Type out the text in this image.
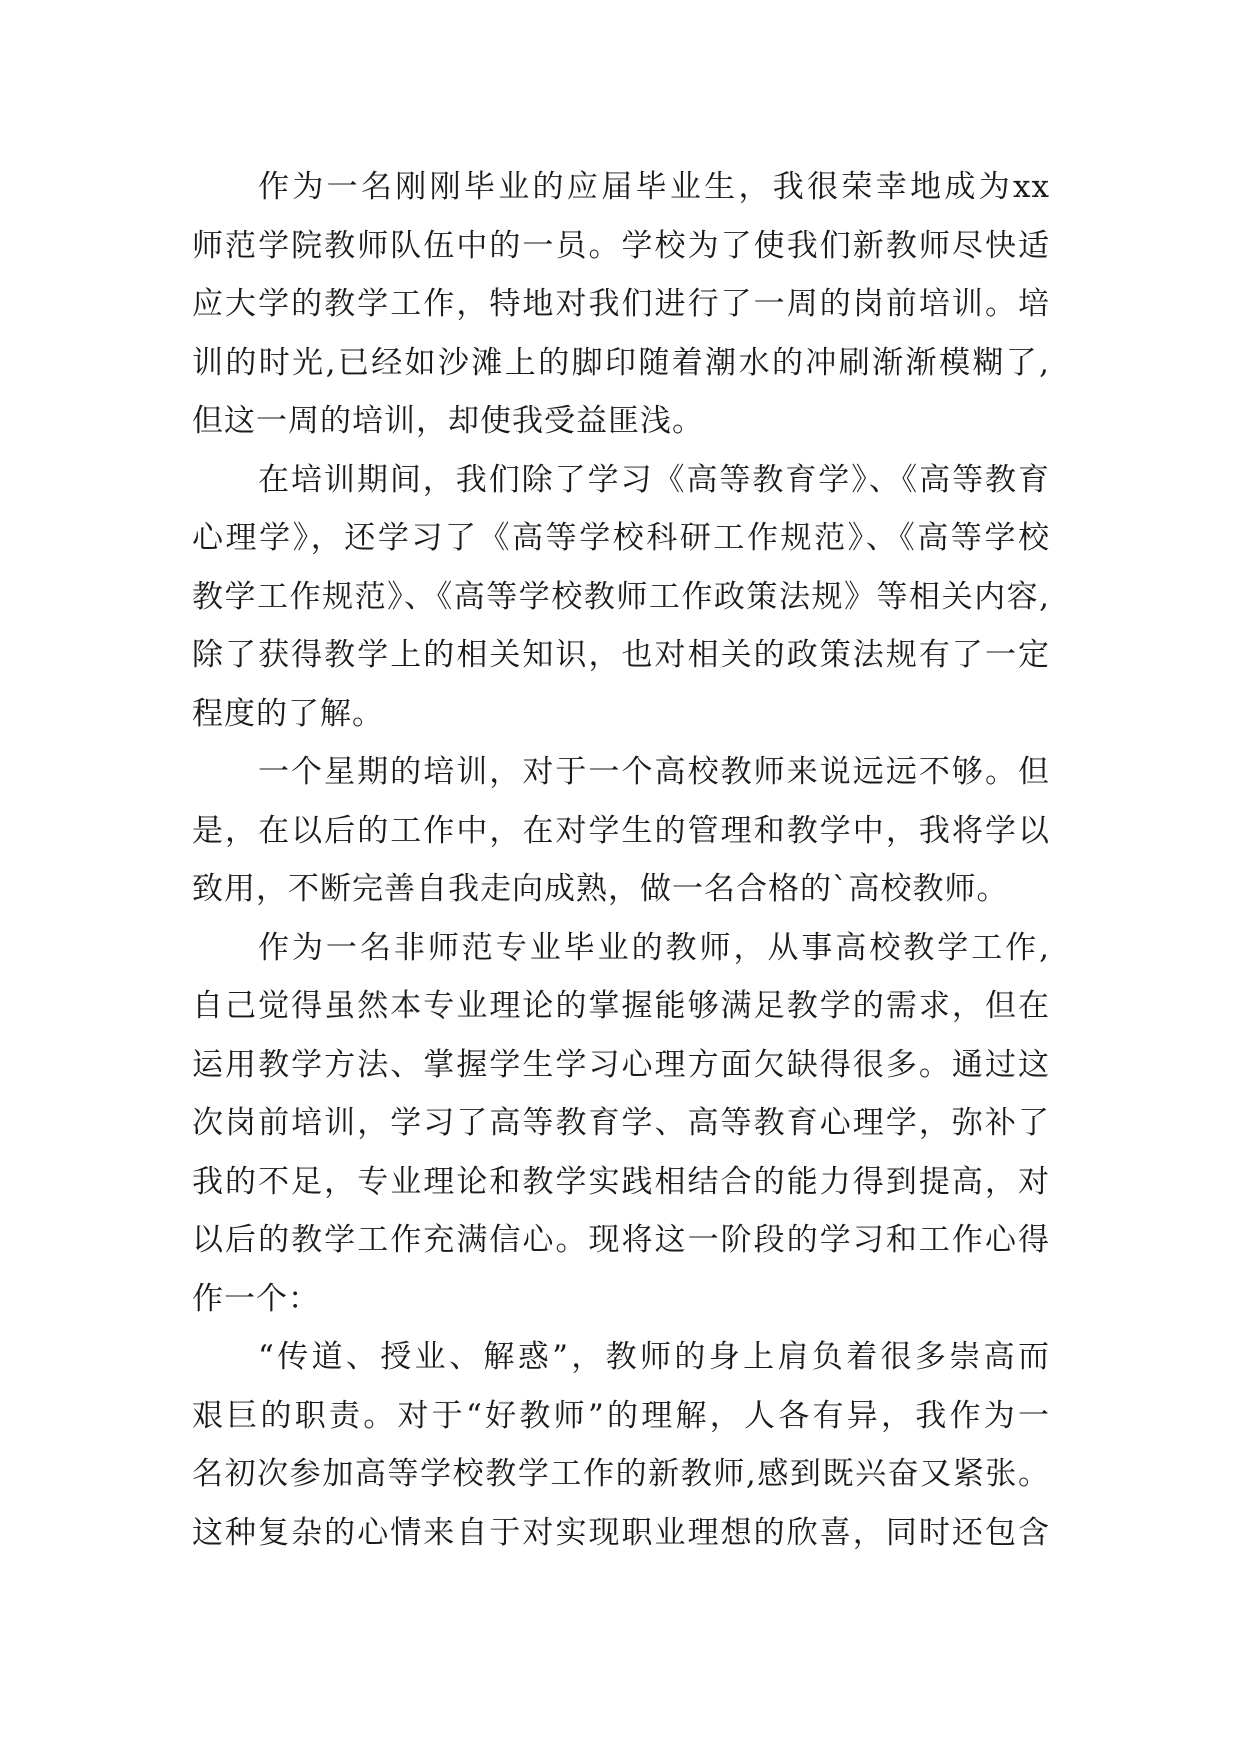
作为一名刚刚毕业的应届毕业生，我很荣幸地成为xx
师范学院教师队伍中的一员。学校为了使我们新教师尽快适
应大学的教学工作，特地对我们进行了一周的岗前培训。培
训的时光,已经如沙滩上的脚印随着潮水的冲刷渐渐模糊了,
但这一周的培训，却使我受益匪浅。
在培训期间，我们除了学习《高等教育学》、《高等教育
心理学》，还学习了《高等学校科研工作规范》、《高等学校
教学工作规范》、《高等学校教师工作政策法规》等相关内容,
除了获得教学上的相关知识，也对相关的政策法规有了一定
程度的了解。
一个星期的培训，对于一个高校教师来说远远不够。但
是，在以后的工作中，在对学生的管理和教学中，我将学以
致用，不断完善自我走向成熟，做一名合格的`高校教师。
作为一名非师范专业毕业的教师，从事高校教学工作,
自己觉得虽然本专业理论的掌握能够满足教学的需求，但在
运用教学方法、掌握学生学习心理方面欠缺得很多。通过这
次岗前培训，学习了高等教育学、高等教育心理学，弥补了
我的不足，专业理论和教学实践相结合的能力得到提高，对
以后的教学工作充满信心。现将这一阶段的学习和工作心得
作一个：
“传道、授业、解惑”，教师的身上肩负着很多崇高而
艰巨的职责。对于“好教师”的理解，人各有异，我作为一
名初次参加高等学校教学工作的新教师,感到既兴奋又紧张。
这种复杂的心情来自于对实现职业理想的欣喜，同时还包含
